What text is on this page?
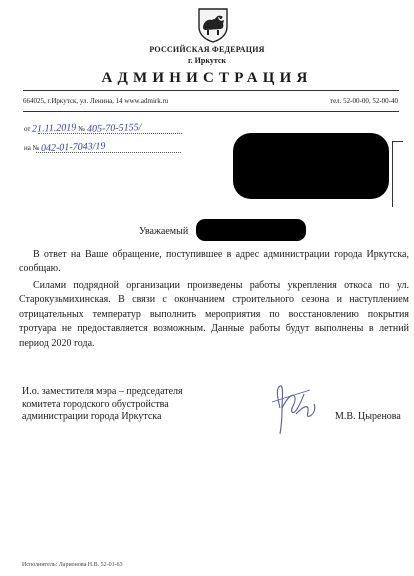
РОССИЙСКАЯ ФЕДЕРАЦИЯ
г. Иркутск
АДМИНИСТРАЦИЯ
664025, г.Иркутск, ул. Ленина, 14 www.admirk.ru	тел. 52-00-00, 52-00-40
от 21.11.2019 № 405-70-5155/
на № 042-01-7043/19
Уважаемый
В ответ на Ваше обращение, поступившее в адрес администрации города Иркутска, сообщаю.
Силами подрядной организации произведены работы укрепления откоса по ул. Старокузьмихинская. В связи с окончанием строительного сезона и наступлением отрицательных температур выполнить мероприятия по восстановлению покрытия тротуара не предоставляется возможным. Данные работы будут выполнены в летний период 2020 года.
И.о. заместителя мэра – председателя
комитета городского обустройства
администрации города Иркутска	М.В. Цыренова
Исполнитель: Ларионова Н.В. 52-01-63
